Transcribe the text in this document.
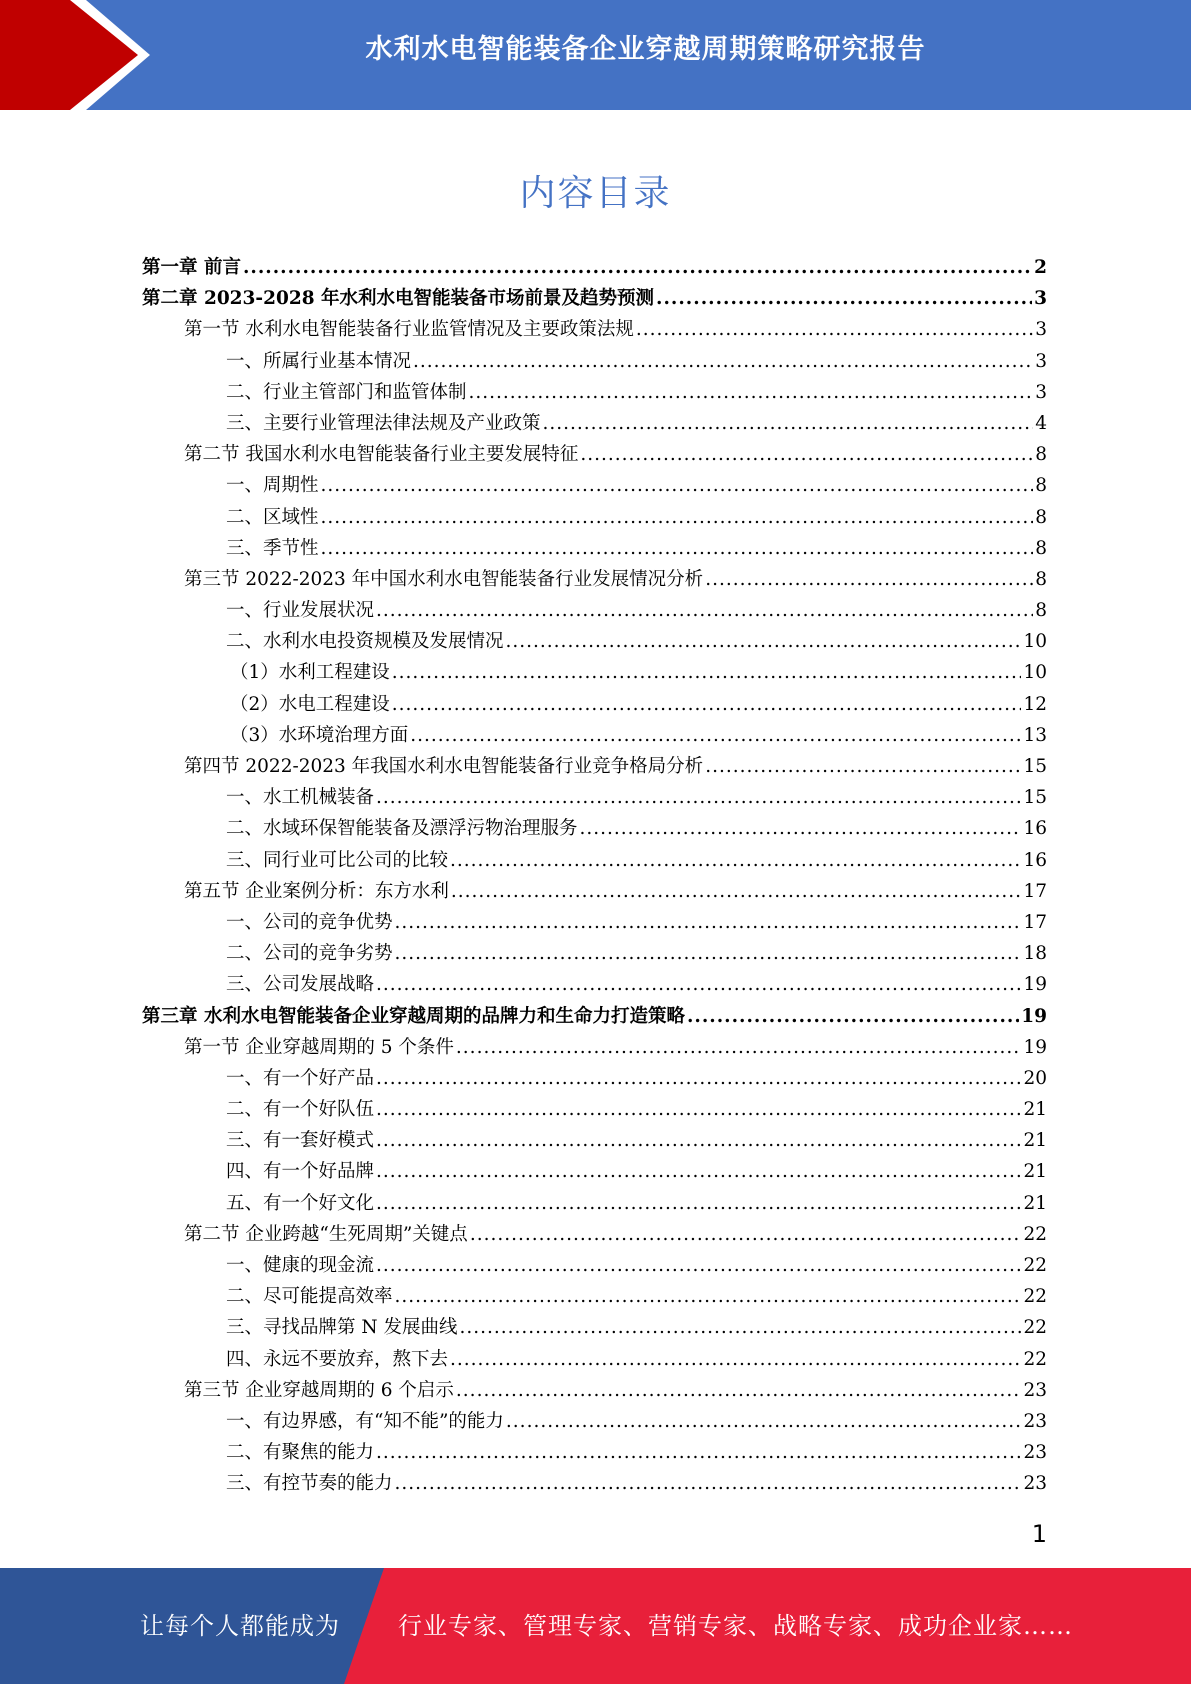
水利水电智能装备企业穿越周期策略研究报告
内容目录
第一章 前言 .....	2
第二章 2023-2028 年水利水电智能装备市场前景及趋势预测 .....	3
第一节 水利水电智能装备行业监管情况及主要政策法规 .....	3
一、所属行业基本情况 .....	3
二、行业主管部门和监管体制 .....	3
三、主要行业管理法律法规及产业政策 .....	4
第二节 我国水利水电智能装备行业主要发展特征 .....	8
一、周期性 .....	8
二、区域性 .....	8
三、季节性 .....	8
第三节 2022-2023 年中国水利水电智能装备行业发展情况分析 .....	8
一、行业发展状况 .....	8
二、水利水电投资规模及发展情况 .....	10
（1）水利工程建设 .....	10
（2）水电工程建设 .....	12
（3）水环境治理方面 .....	13
第四节 2022-2023 年我国水利水电智能装备行业竞争格局分析 .....	15
一、水工机械装备 .....	15
二、水域环保智能装备及漂浮污物治理服务 .....	16
三、同行业可比公司的比较 .....	16
第五节 企业案例分析：东方水利 .....	17
一、公司的竞争优势 .....	17
二、公司的竞争劣势 .....	18
三、公司发展战略 .....	19
第三章 水利水电智能装备企业穿越周期的品牌力和生命力打造策略 .....	19
第一节 企业穿越周期的 5 个条件 .....	19
一、有一个好产品 .....	20
二、有一个好队伍 .....	21
三、有一套好模式 .....	21
四、有一个好品牌 .....	21
五、有一个好文化 .....	21
第二节 企业跨越“生死周期”关键点 .....	22
一、健康的现金流 .....	22
二、尽可能提高效率 .....	22
三、寻找品牌第 N 发展曲线 .....	22
四、永远不要放弃，熬下去 .....	22
第三节 企业穿越周期的 6 个启示 .....	23
一、有边界感，有“知不能”的能力 .....	23
二、有聚焦的能力 .....	23
三、有控节奏的能力 .....	23
1
让每个人都能成为 行业专家、管理专家、营销专家、战略专家、成功企业家……
